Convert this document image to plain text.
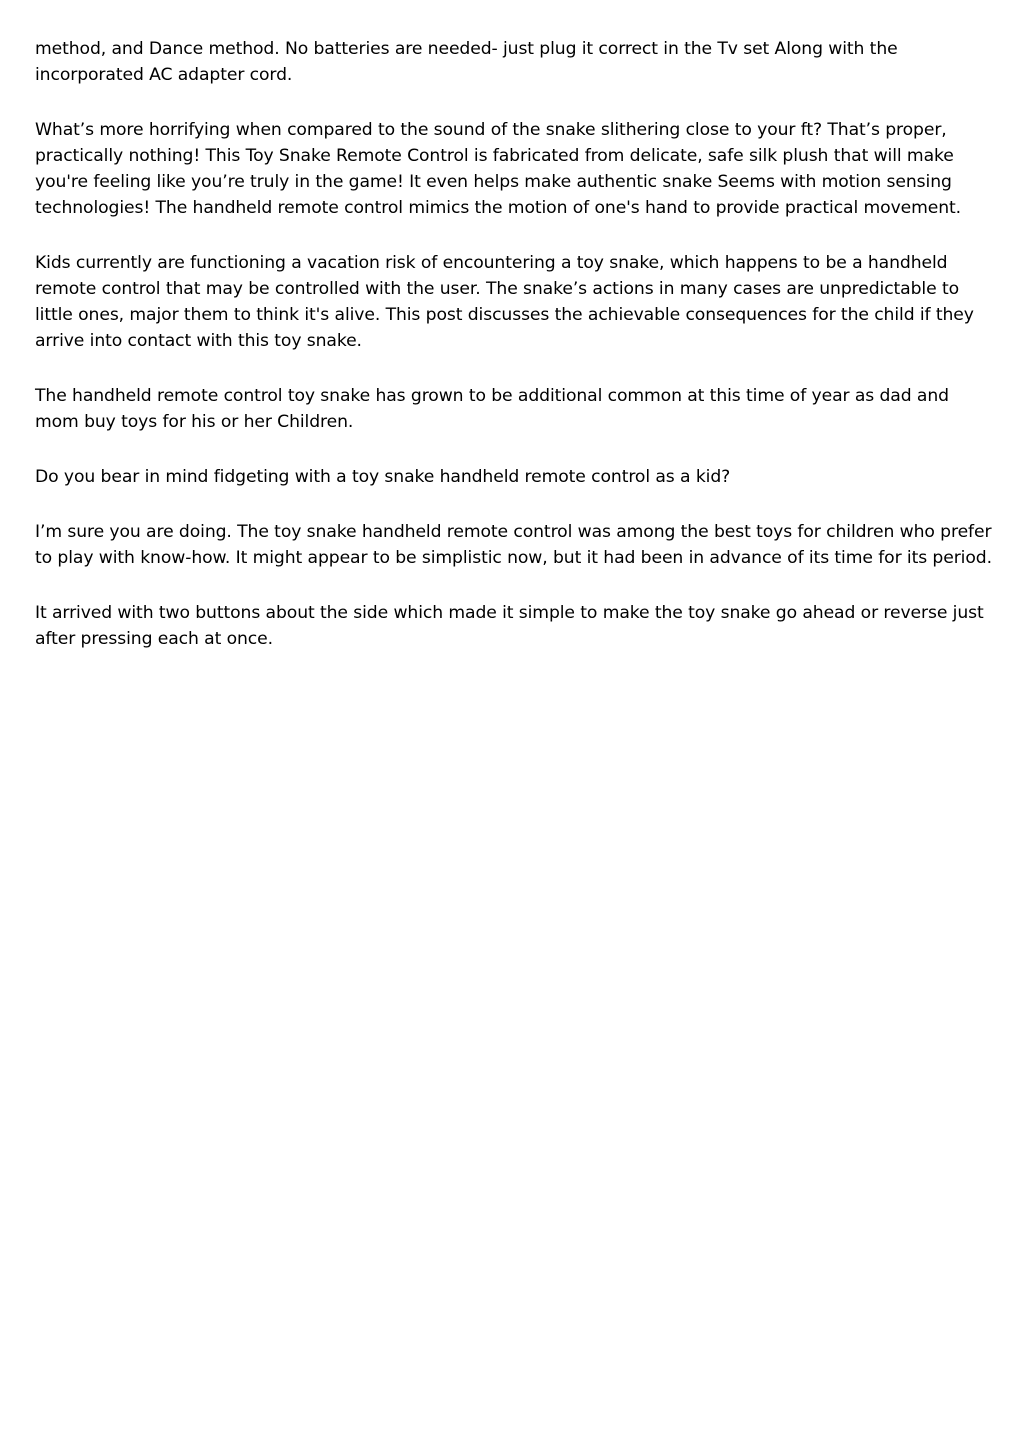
method, and Dance method. No batteries are needed- just plug it correct in the Tv set Along with the incorporated AC adapter cord.

What’s more horrifying when compared to the sound of the snake slithering close to your ft? That’s proper, practically nothing! This Toy Snake Remote Control is fabricated from delicate, safe silk plush that will make you're feeling like you’re truly in the game! It even helps make authentic snake Seems with motion sensing technologies! The handheld remote control mimics the motion of one's hand to provide practical movement.

Kids currently are functioning a vacation risk of encountering a toy snake, which happens to be a handheld remote control that may be controlled with the user. The snake’s actions in many cases are unpredictable to little ones, major them to think it's alive. This post discusses the achievable consequences for the child if they arrive into contact with this toy snake.

The handheld remote control toy snake has grown to be additional common at this time of year as dad and mom buy toys for his or her Children.

Do you bear in mind fidgeting with a toy snake handheld remote control as a kid?

I’m sure you are doing. The toy snake handheld remote control was among the best toys for children who prefer to play with know-how. It might appear to be simplistic now, but it had been in advance of its time for its period.

It arrived with two buttons about the side which made it simple to make the toy snake go ahead or reverse just after pressing each at once.
